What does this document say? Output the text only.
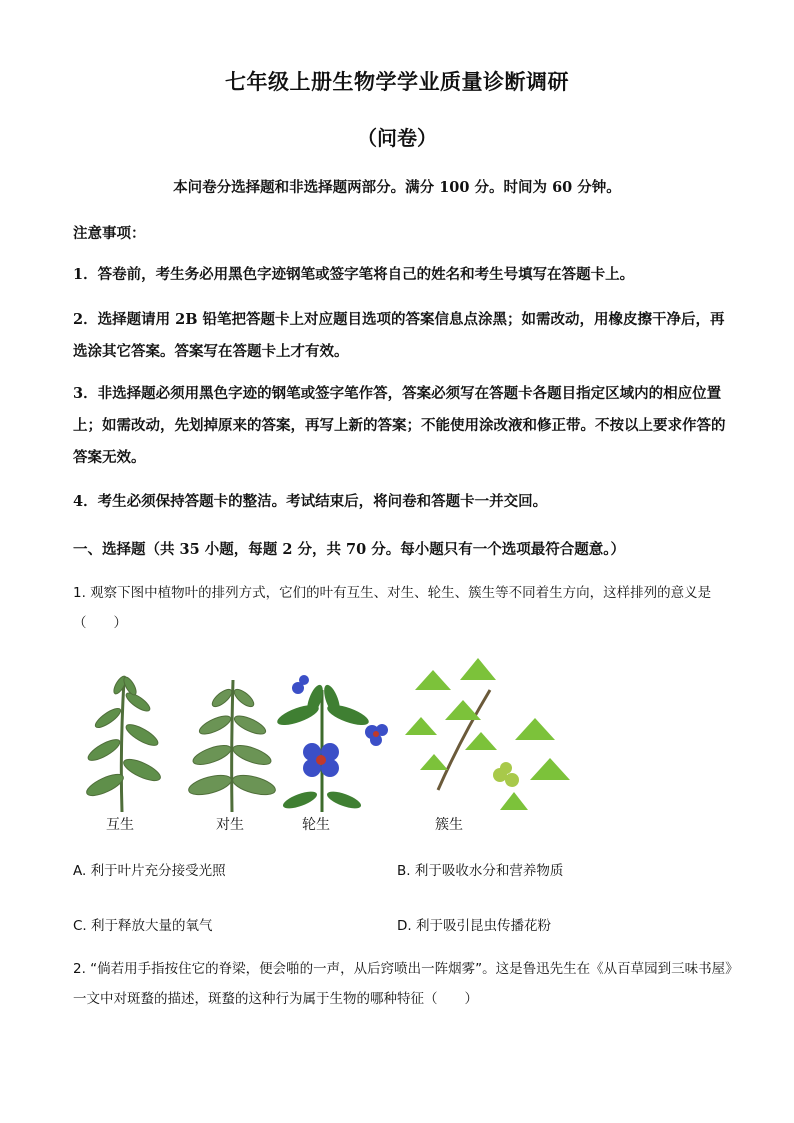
七年级上册生物学学业质量诊断调研
（问卷）
本问卷分选择题和非选择题两部分。满分 100 分。时间为 60 分钟。
注意事项：
1．答卷前，考生务必用黑色字迹钢笔或签字笔将自己的姓名和考生号填写在答题卡上。
2．选择题请用 2B 铅笔把答题卡上对应题目选项的答案信息点涂黑；如需改动，用橡皮擦干净后，再选涂其它答案。答案写在答题卡上才有效。
3．非选择题必须用黑色字迹的钢笔或签字笔作答，答案必须写在答题卡各题目指定区域内的相应位置上；如需改动，先划掉原来的答案，再写上新的答案；不能使用涂改液和修正带。不按以上要求作答的答案无效。
4．考生必须保持答题卡的整洁。考试结束后，将问卷和答题卡一并交回。
一、选择题（共 35 小题，每题 2 分，共 70 分。每小题只有一个选项最符合题意。）
1. 观察下图中植物叶的排列方式，它们的叶有互生、对生、轮生、簇生等不同着生方向，这样排列的意义是（　　）
互生	对生	轮生	簇生
A. 利于叶片充分接受光照	B. 利于吸收水分和营养物质
C. 利于释放大量的氧气	D. 利于吸引昆虫传播花粉
2. “倘若用手指按住它的脊梁，便会啪的一声，从后窍喷出一阵烟雾”。这是鲁迅先生在《从百草园到三味书屋》一文中对斑蝥的描述，斑蝥的这种行为属于生物的哪种特征（　　）
